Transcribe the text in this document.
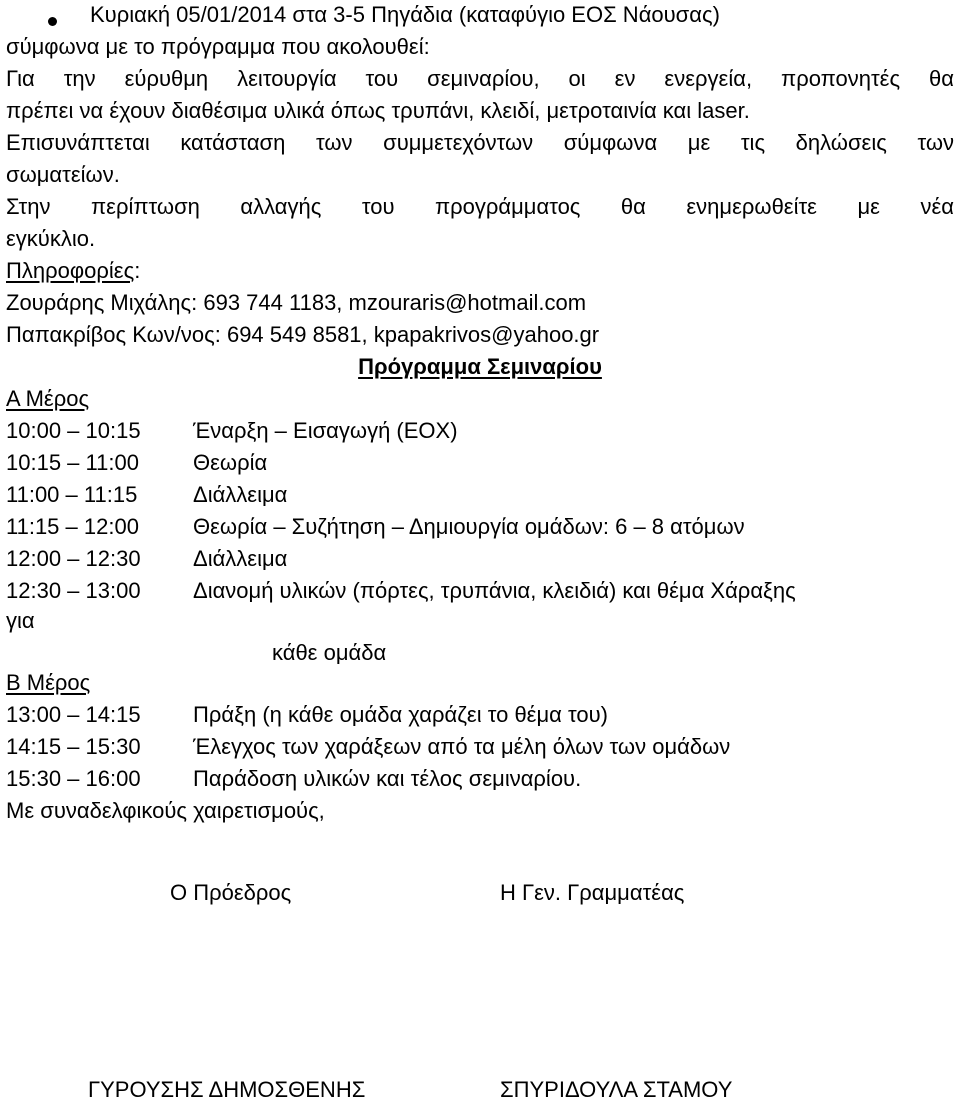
Κυριακή 05/01/2014 στα 3-5 Πηγάδια (καταφύγιο ΕΟΣ Νάουσας)
σύμφωνα με το πρόγραμμα που ακολουθεί:
Για την εύρυθμη λειτουργία του σεμιναρίου, οι εν ενεργεία, προπονητές θα
πρέπει να έχουν διαθέσιμα υλικά όπως τρυπάνι, κλειδί, μετροταινία και laser.
Επισυνάπτεται κατάσταση των συμμετεχόντων σύμφωνα με τις δηλώσεις των
σωματείων.
Στην περίπτωση αλλαγής του προγράμματος θα ενημερωθείτε με νέα
εγκύκλιο.
Πληροφορίες:
Ζουράρης Μιχάλης: 693 744 1183, mzouraris@hotmail.com
Παπακρίβος Κων/νος: 694 549 8581, kpapakrivos@yahoo.gr
Πρόγραμμα Σεμιναρίου
Α Μέρος
10:00 – 10:15	Έναρξη – Εισαγωγή (ΕΟΧ)
10:15 – 11:00	Θεωρία
11:00 – 11:15	Διάλλειμα
11:15 – 12:00	Θεωρία – Συζήτηση – Δημιουργία ομάδων: 6 – 8 ατόμων
12:00 – 12:30	Διάλλειμα
12:30 – 13:00	Διανομή υλικών (πόρτες, τρυπάνια, κλειδιά) και θέμα Χάραξης
για
κάθε ομάδα
Β Μέρος
13:00 – 14:15	Πράξη (η κάθε ομάδα χαράζει το θέμα του)
14:15 – 15:30	Έλεγχος των χαράξεων από τα μέλη όλων των ομάδων
15:30 – 16:00	Παράδοση υλικών και τέλος σεμιναρίου.
Με συναδελφικούς χαιρετισμούς,
Ο Πρόεδρος	Η Γεν. Γραμματέας
ΓΥΡΟΥΣΗΣ ΔΗΜΟΣΘΕΝΗΣ	ΣΠΥΡΙΔΟΥΛΑ ΣΤΑΜΟΥ
